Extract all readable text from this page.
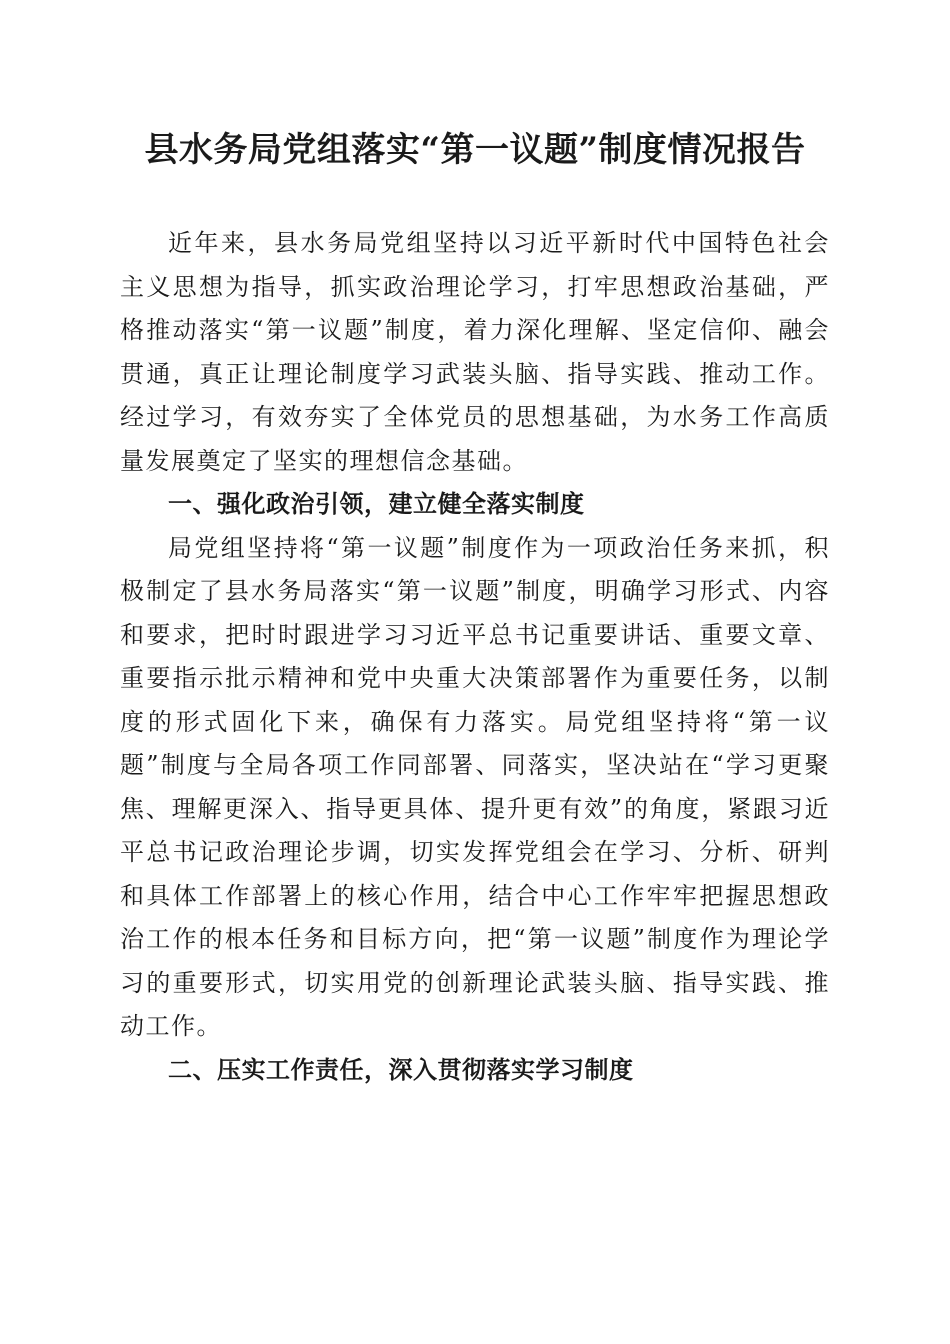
县水务局党组落实“第一议题”制度情况报告

近年来，县水务局党组坚持以习近平新时代中国特色社会主义思想为指导，抓实政治理论学习，打牢思想政治基础，严格推动落实“第一议题”制度，着力深化理解、坚定信仰、融会贯通，真正让理论制度学习武装头脑、指导实践、推动工作。经过学习，有效夯实了全体党员的思想基础，为水务工作高质量发展奠定了坚实的理想信念基础。

一、强化政治引领，建立健全落实制度

局党组坚持将“第一议题”制度作为一项政治任务来抓，积极制定了县水务局落实“第一议题”制度，明确学习形式、内容和要求，把时时跟进学习习近平总书记重要讲话、重要文章、重要指示批示精神和党中央重大决策部署作为重要任务，以制度的形式固化下来，确保有力落实。局党组坚持将“第一议题”制度与全局各项工作同部署、同落实，坚决站在“学习更聚焦、理解更深入、指导更具体、提升更有效”的角度，紧跟习近平总书记政治理论步调，切实发挥党组会在学习、分析、研判和具体工作部署上的核心作用，结合中心工作牢牢把握思想政治工作的根本任务和目标方向，把“第一议题”制度作为理论学习的重要形式，切实用党的创新理论武装头脑、指导实践、推动工作。

二、压实工作责任，深入贯彻落实学习制度
